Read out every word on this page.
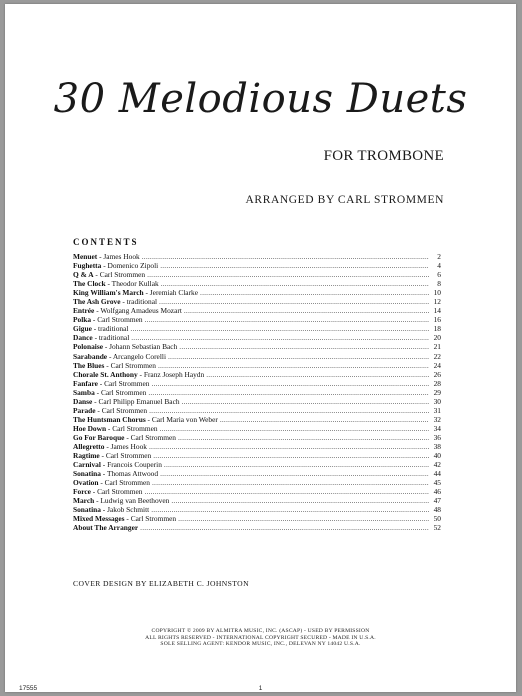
30 Melodious Duets
FOR TROMBONE
ARRANGED BY CARL STROMMEN
CONTENTS
Menuet - James Hook .....	2
Fughetta - Domenico Zipoli .....	4
Q & A - Carl Strommen .....	6
The Clock - Theodor Kullak .....	8
King William's March - Jeremiah Clarke .....	10
The Ash Grove - traditional .....	12
Entrée - Wolfgang Amadeus Mozart .....	14
Polka - Carl Strommen .....	16
Gigue - traditional .....	18
Dance - traditional .....	20
Polonaise - Johann Sebastian Bach .....	21
Sarabande - Arcangelo Corelli .....	22
The Blues - Carl Strommen .....	24
Chorale St. Anthony - Franz Joseph Haydn .....	26
Fanfare - Carl Strommen .....	28
Samba - Carl Strommen .....	29
Danse - Carl Philipp Emanuel Bach .....	30
Parade - Carl Strommen .....	31
The Huntsman Chorus - Carl Maria von Weber .....	32
Hoe Down - Carl Strommen .....	34
Go For Baroque - Carl Strommen .....	36
Allegretto - James Hook .....	38
Ragtime - Carl Strommen .....	40
Carnival - Francois Couperin .....	42
Sonatina - Thomas Attwood .....	44
Ovation - Carl Strommen .....	45
Force - Carl Strommen .....	46
March - Ludwig van Beethoven .....	47
Sonatina - Jakob Schmitt .....	48
Mixed Messages - Carl Strommen .....	50
About The Arranger .....	52
COVER DESIGN BY ELIZABETH C. JOHNSTON
COPYRIGHT © 2009 BY ALMITRA MUSIC, INC. (ASCAP) - USED BY PERMISSION
ALL RIGHTS RESERVED - INTERNATIONAL COPYRIGHT SECURED - MADE IN U.S.A.
SOLE SELLING AGENT: KENDOR MUSIC, INC., DELEVAN NY 14042 U.S.A.
17555	1
